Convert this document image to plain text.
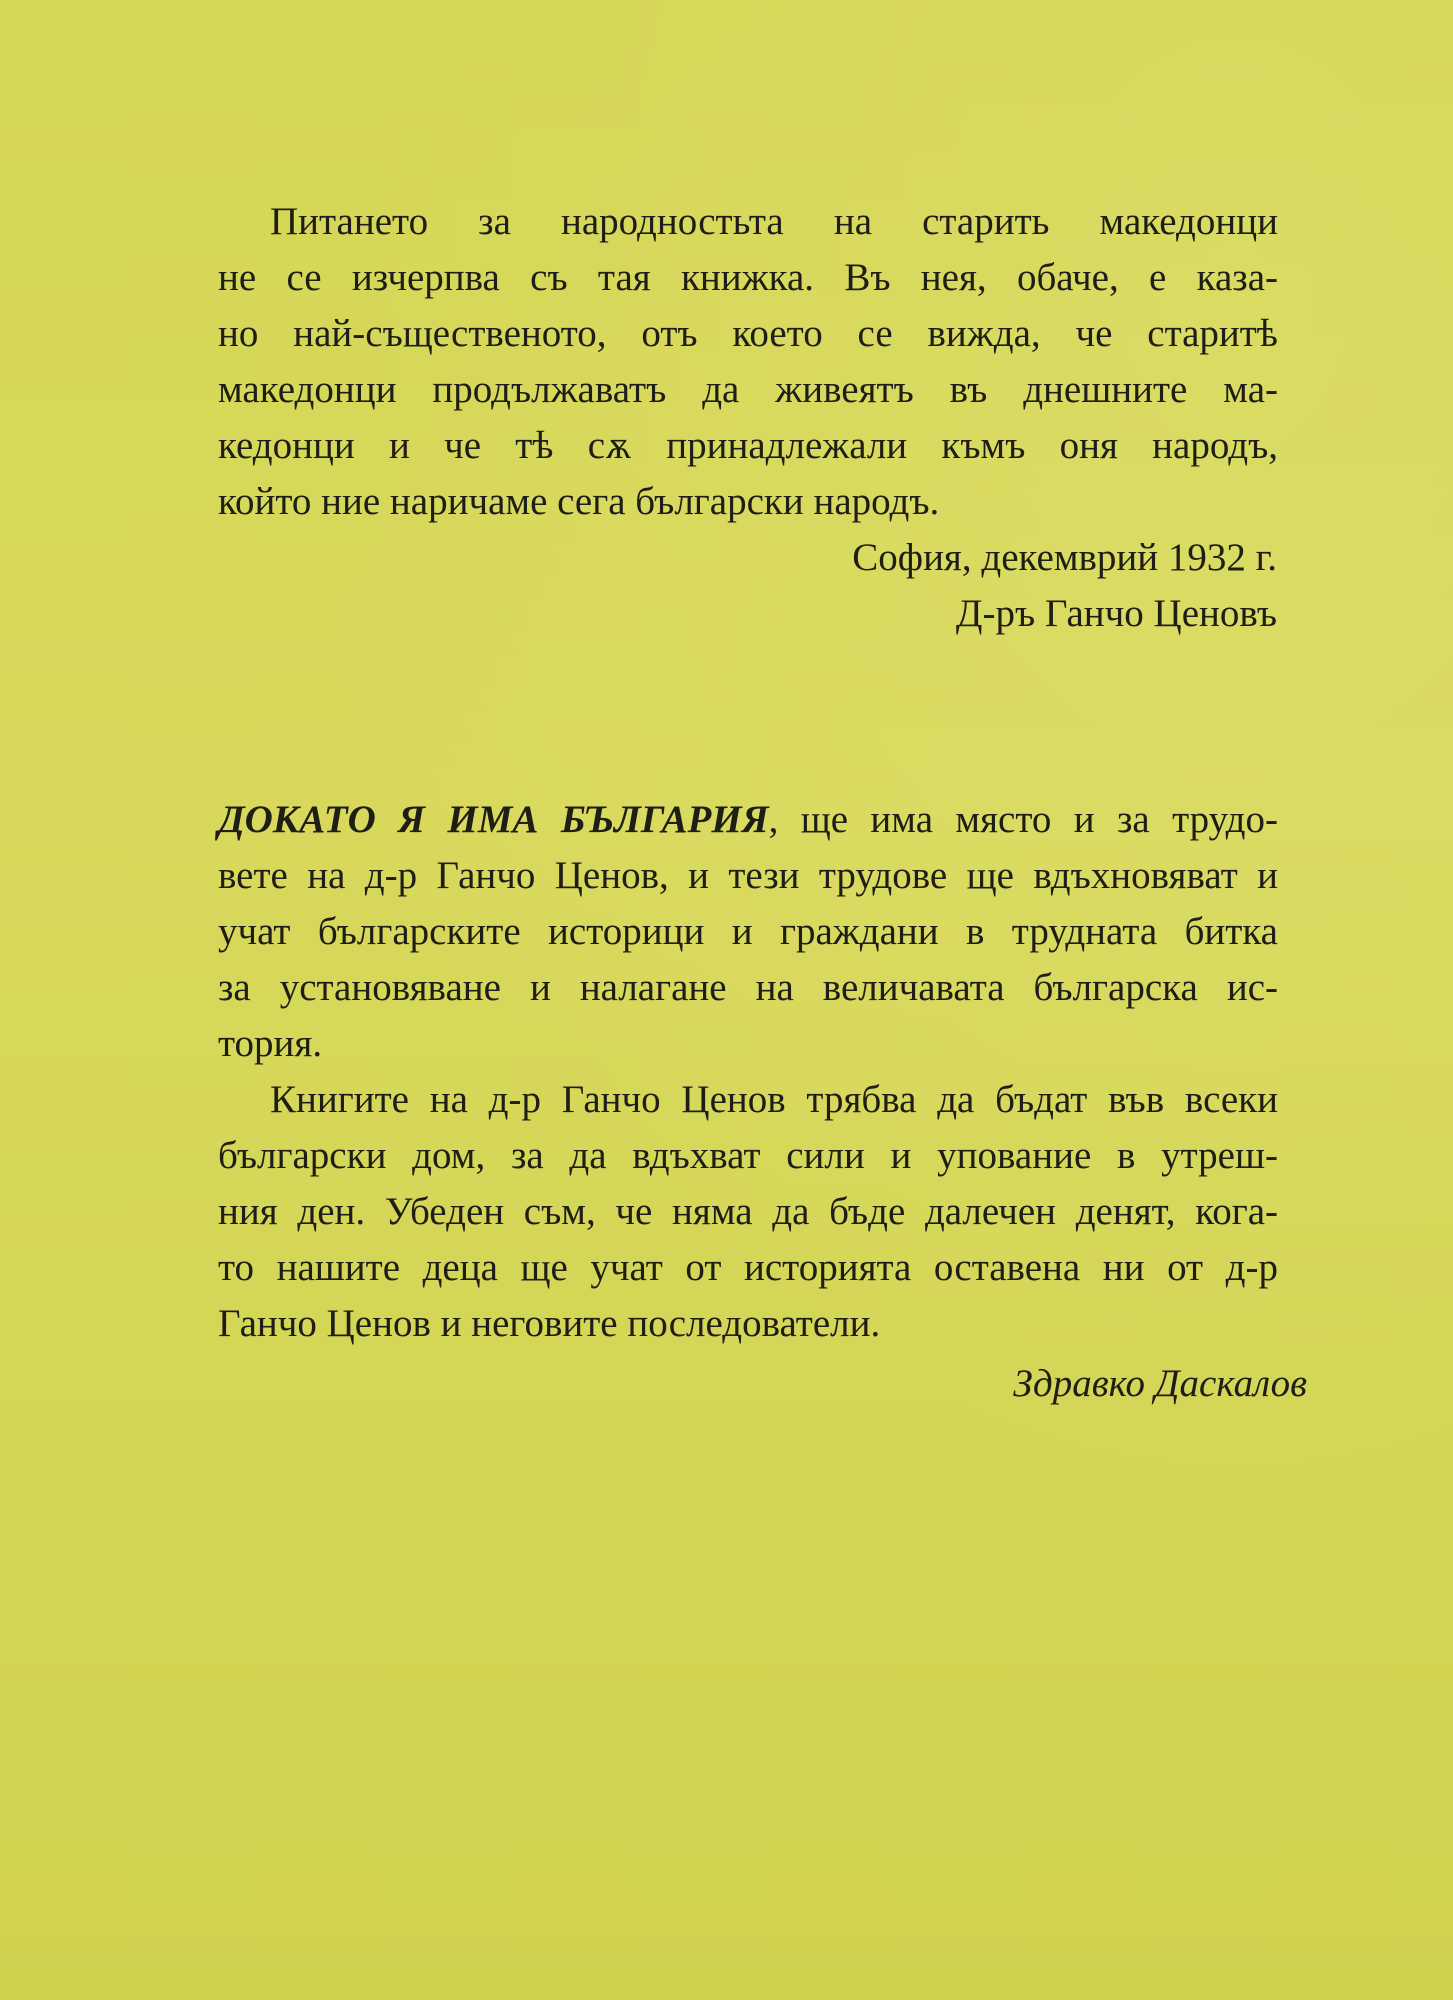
Питането за народностьта на старить македонци
не се изчерпва съ тая книжка. Въ нея, обаче, е каза-
но най-същественото, отъ което се вижда, че старитѣ
македонци продължаватъ да живеятъ въ днешните ма-
кедонци и че тѣ сѫ принадлежали къмъ оня народъ,
който ние наричаме сега български народъ.
София, декемврий 1932 г.
Д-ръ Ганчо Ценовъ
ДОКАТО Я ИМА БЪЛГАРИЯ, ще има място и за трудо-
вете на д-р Ганчо Ценов, и тези трудове ще вдъхновяват и
учат българските историци и граждани в трудната битка
за установяване и налагане на величавата българска ис-
тория.
Книгите на д-р Ганчо Ценов трябва да бъдат във всеки
български дом, за да вдъхват сили и упование в утреш-
ния ден. Убеден съм, че няма да бъде далечен денят, кога-
то нашите деца ще учат от историята оставена ни от д-р
Ганчо Ценов и неговите последователи.
Здравко Даскалов
